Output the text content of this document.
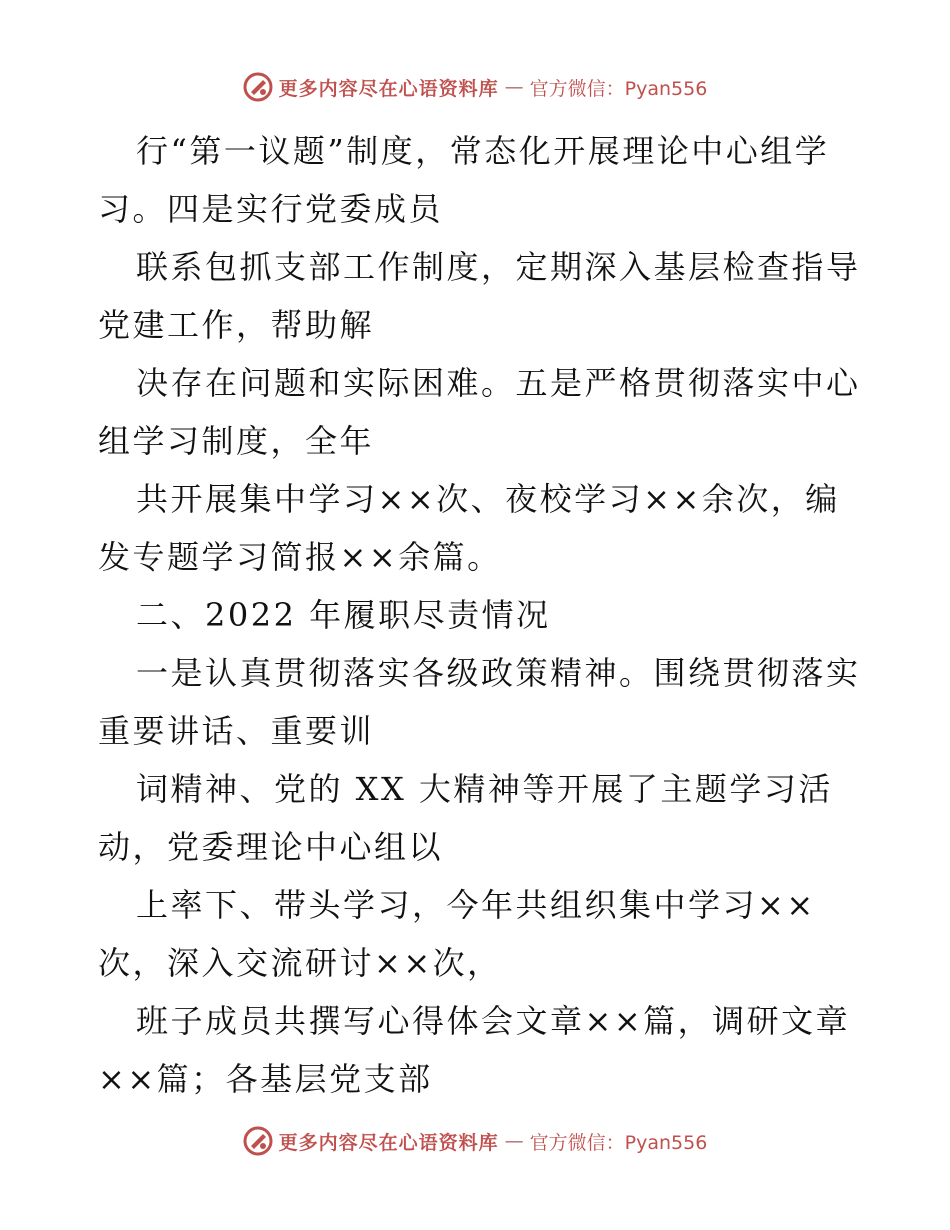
更多内容尽在心语资料库 — 官方微信：Pyan556
行“第一议题”制度，常态化开展理论中心组学
习。四是实行党委成员
联系包抓支部工作制度，定期深入基层检查指导
党建工作，帮助解
决存在问题和实际困难。五是严格贯彻落实中心
组学习制度，全年
共开展集中学习××次、夜校学习××余次，编
发专题学习简报××余篇。
二、2022 年履职尽责情况
一是认真贯彻落实各级政策精神。围绕贯彻落实
重要讲话、重要训
词精神、党的 XX 大精神等开展了主题学习活
动，党委理论中心组以
上率下、带头学习，今年共组织集中学习××
次，深入交流研讨××次，
班子成员共撰写心得体会文章××篇，调研文章
××篇；各基层党支部
更多内容尽在心语资料库 — 官方微信：Pyan556
